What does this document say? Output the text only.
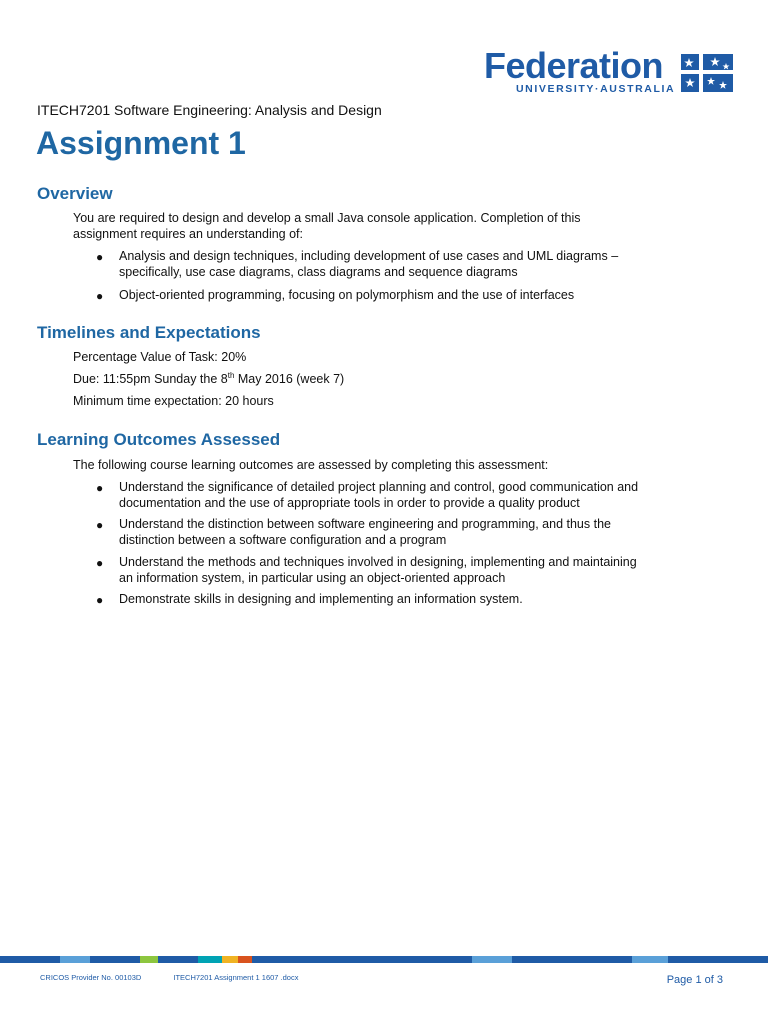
Federation
UNIVERSITY·AUSTRALIA
ITECH7201 Software Engineering: Analysis and Design
Assignment 1
Overview
You are required to design and develop a small Java console application. Completion of this
assignment requires an understanding of:
● Analysis and design techniques, including development of use cases and UML diagrams –
specifically, use case diagrams, class diagrams and sequence diagrams
● Object-oriented programming, focusing on polymorphism and the use of interfaces
Timelines and Expectations
Percentage Value of Task: 20%
Due: 11:55pm Sunday the 8th May 2016 (week 7)
Minimum time expectation: 20 hours
Learning Outcomes Assessed
The following course learning outcomes are assessed by completing this assessment:
● Understand the significance of detailed project planning and control, good communication and
documentation and the use of appropriate tools in order to provide a quality product
● Understand the distinction between software engineering and programming, and thus the
distinction between a software configuration and a program
● Understand the methods and techniques involved in designing, implementing and maintaining
an information system, in particular using an object-oriented approach
● Demonstrate skills in designing and implementing an information system.
CRICOS Provider No. 00103D	ITECH7201 Assignment 1 1607 .docx	Page 1 of 3
